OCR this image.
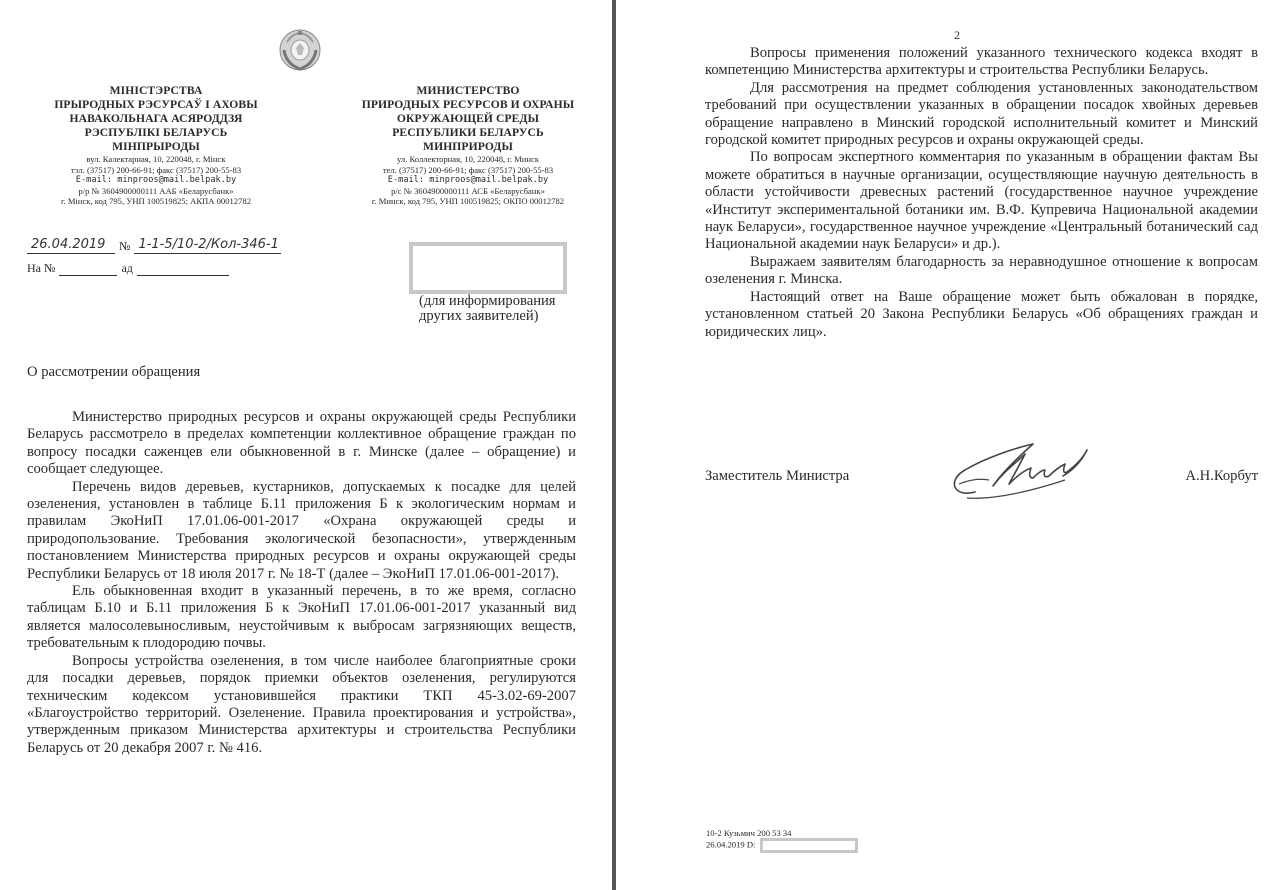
МІНІСТЭРСТВА
ПРЫРОДНЫХ РЭСУРСАЎ І АХОВЫ
НАВАКОЛЬНАГА АСЯРОДДЗЯ
РЭСПУБЛІКІ БЕЛАРУСЬ
МІНПРЫРОДЫ
вул. Калектарная, 10, 220048, г. Мінск
тэл. (37517) 200-66-91; факс (37517) 200-55-83
E-mail: minproos@mail.belpak.by
р/р № 3604900000111 ААБ «Беларусбанк»
г. Мінск, код 795, УНП 100519825; АКПА 00012782
МИНИСТЕРСТВО
ПРИРОДНЫХ РЕСУРСОВ И ОХРАНЫ
ОКРУЖАЮЩЕЙ СРЕДЫ
РЕСПУБЛИКИ БЕЛАРУСЬ
МИНПРИРОДЫ
ул. Коллекторная, 10, 220048, г. Минск
тел. (37517) 200-66-91; факс (37517) 200-55-83
E-mail: minproos@mail.belpak.by
р/с № 3604900000111 АСБ «Беларусбанк»
г. Минск, код 795, УНП 100519825; ОКПО 00012782
26.04.2019	№ 1-1-5/10-2/Кол-346-1
На №	ад
(для информирования
других заявителей)
О рассмотрении обращения

Министерство природных ресурсов и охраны окружающей среды Республики Беларусь рассмотрело в пределах компетенции коллективное обращение граждан по вопросу посадки саженцев ели обыкновенной в г. Минске (далее – обращение) и сообщает следующее.

Перечень видов деревьев, кустарников, допускаемых к посадке для целей озеленения, установлен в таблице Б.11 приложения Б к экологическим нормам и правилам ЭкоНиП 17.01.06-001-2017 «Охрана окружающей среды и природопользование. Требования экологической безопасности», утвержденным постановлением Министерства природных ресурсов и охраны окружающей среды Республики Беларусь от 18 июля 2017 г. № 18-Т (далее – ЭкоНиП 17.01.06-001-2017).

Ель обыкновенная входит в указанный перечень, в то же время, согласно таблицам Б.10 и Б.11 приложения Б к ЭкоНиП 17.01.06-001-2017 указанный вид является малосолевыносливым, неустойчивым к выбросам загрязняющих веществ, требовательным к плодородию почвы.

Вопросы устройства озеленения, в том числе наиболее благоприятные сроки для посадки деревьев, порядок приемки объектов озеленения, регулируются техническим кодексом установившейся практики ТКП 45-3.02-69-2007 «Благоустройство территорий. Озеленение. Правила проектирования и устройства», утвержденным приказом Министерства архитектуры и строительства Республики Беларусь от 20 декабря 2007 г. № 416.

2

Вопросы применения положений указанного технического кодекса входят в компетенцию Министерства архитектуры и строительства Республики Беларусь.

Для рассмотрения на предмет соблюдения установленных законодательством требований при осуществлении указанных в обращении посадок хвойных деревьев обращение направлено в Минский городской исполнительный комитет и Минский городской комитет природных ресурсов и охраны окружающей среды.

По вопросам экспертного комментария по указанным в обращении фактам Вы можете обратиться в научные организации, осуществляющие научную деятельность в области устойчивости древесных растений (государственное научное учреждение «Институт экспериментальной ботаники им. В.Ф. Купревича Национальной академии наук Беларуси», государственное научное учреждение «Центральный ботанический сад Национальной академии наук Беларуси» и др.).

Выражаем заявителям благодарность за неравнодушное отношение к вопросам озеленения г. Минска.

Настоящий ответ на Ваше обращение может быть обжалован в порядке, установленном статьей 20 Закона Республики Беларусь «Об обращениях граждан и юридических лиц».

Заместитель Министра	А.Н.Корбут
10-2 Кузьмич 200 53 34
26.04.2019 D:
